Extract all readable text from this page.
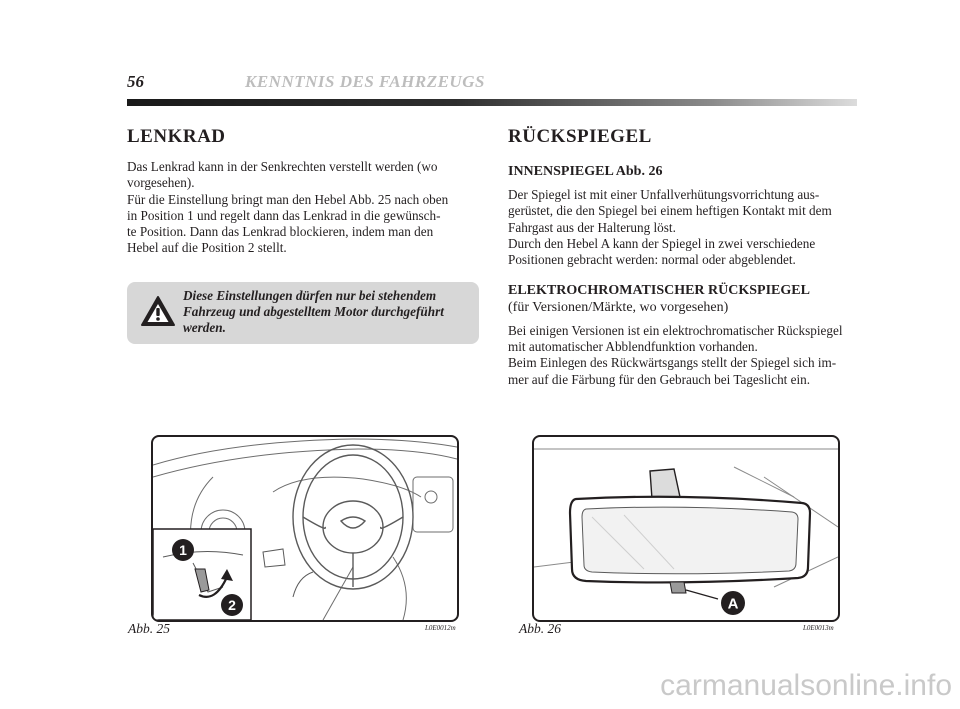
56	KENNTNIS DES FAHRZEUGS
LENKRAD

Das Lenkrad kann in der Senkrechten verstellt werden (wo
vorgesehen).
Für die Einstellung bringt man den Hebel Abb. 25 nach oben
in Position 1 und regelt dann das Lenkrad in die gewünsch-
te Position. Dann das Lenkrad blockieren, indem man den
Hebel auf die Position 2 stellt.

Diese Einstellungen dürfen nur bei stehendem
Fahrzeug und abgestelltem Motor durchgeführt
werden.
RÜCKSPIEGEL
INNENSPIEGEL Abb. 26

Der Spiegel ist mit einer Unfallverhütungsvorrichtung aus-
gerüstet, die den Spiegel bei einem heftigen Kontakt mit dem
Fahrgast aus der Halterung löst.
Durch den Hebel A kann der Spiegel in zwei verschiedene
Positionen gebracht werden: normal oder abgeblendet.

ELEKTROCHROMATISCHER RÜCKSPIEGEL
(für Versionen/Märkte, wo vorgesehen)

Bei einigen Versionen ist ein elektrochromatischer Rückspiegel
mit automatischer Abblendfunktion vorhanden.
Beim Einlegen des Rückwärtsgangs stellt der Spiegel sich im-
mer auf die Färbung für den Gebrauch bei Tageslicht ein.

1
2
Abb. 25	L0E0012m
A
Abb. 26	L0E0013m
carmanualsonline.info
